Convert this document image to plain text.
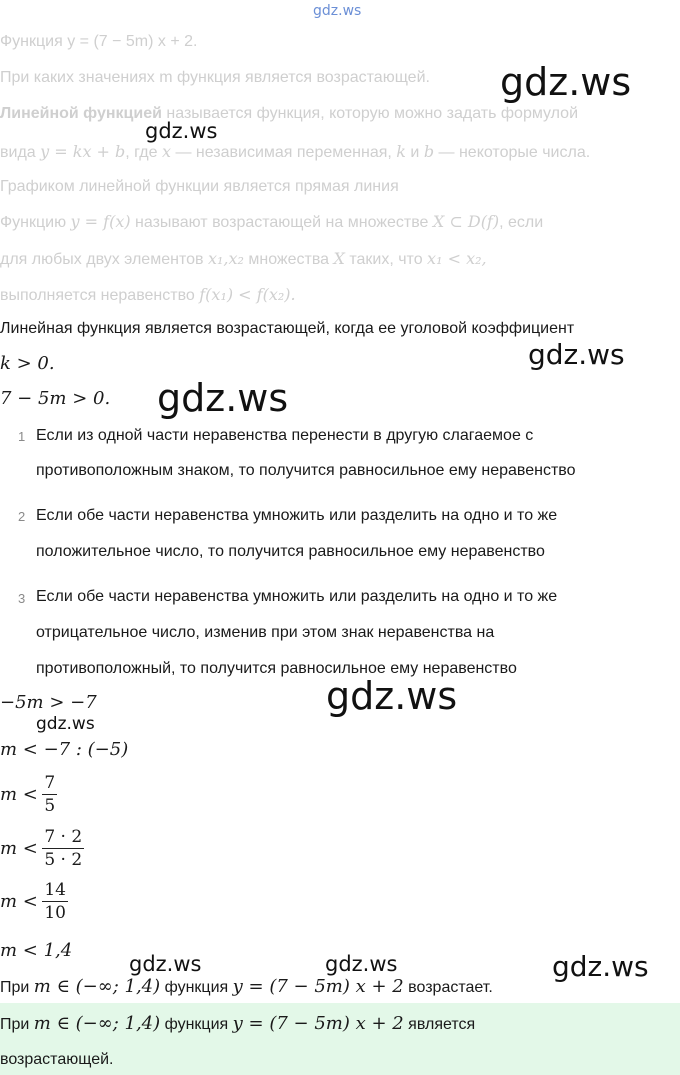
gdz.ws
Функция y = (7 − 5m) x + 2.
При каких значениях m функция является возрастающей.
Линейной функцией называется функция, которую можно задать формулой
вида y = kx + b, где x — независимая переменная, k и b — некоторые числа.
Графиком линейной функции является прямая линия
Функцию y = f(x) называют возрастающей на множестве X ⊂ D(f), если
для любых двух элементов x₁,x₂ множества X таких, что x₁ < x₂,
выполняется неравенство f(x₁) < f(x₂).
Линейная функция является возрастающей, когда ее уголовой коэффициент
k > 0.
7 − 5m > 0.
1 Если из одной части неравенства перенести в другую слагаемое с
противоположным знаком, то получится равносильное ему неравенство
2 Если обе части неравенства умножить или разделить на одно и то же
положительное число, то получится равносильное ему неравенство
3 Если обе части неравенства умножить или разделить на одно и то же
отрицательное число, изменив при этом знак неравенства на
противоположный, то получится равносильное ему неравенство
−5m > −7
m < −7 : (−5)
$m < \frac{7}{5}$
$m < \frac{7 \cdot 2}{5 \cdot 2}$
$m < \frac{14}{10}$
m < 1,4
При m ∈ (−∞; 1,4) функция y = (7 − 5m) x + 2 возрастает.
При m ∈ (−∞; 1,4) функция y = (7 − 5m) x + 2 является
возрастающей.
gdz.ws
gdz.ws
gdz.ws
gdz.ws
gdz.ws
gdz.ws
gdz.ws	gdz.ws	gdz.ws
